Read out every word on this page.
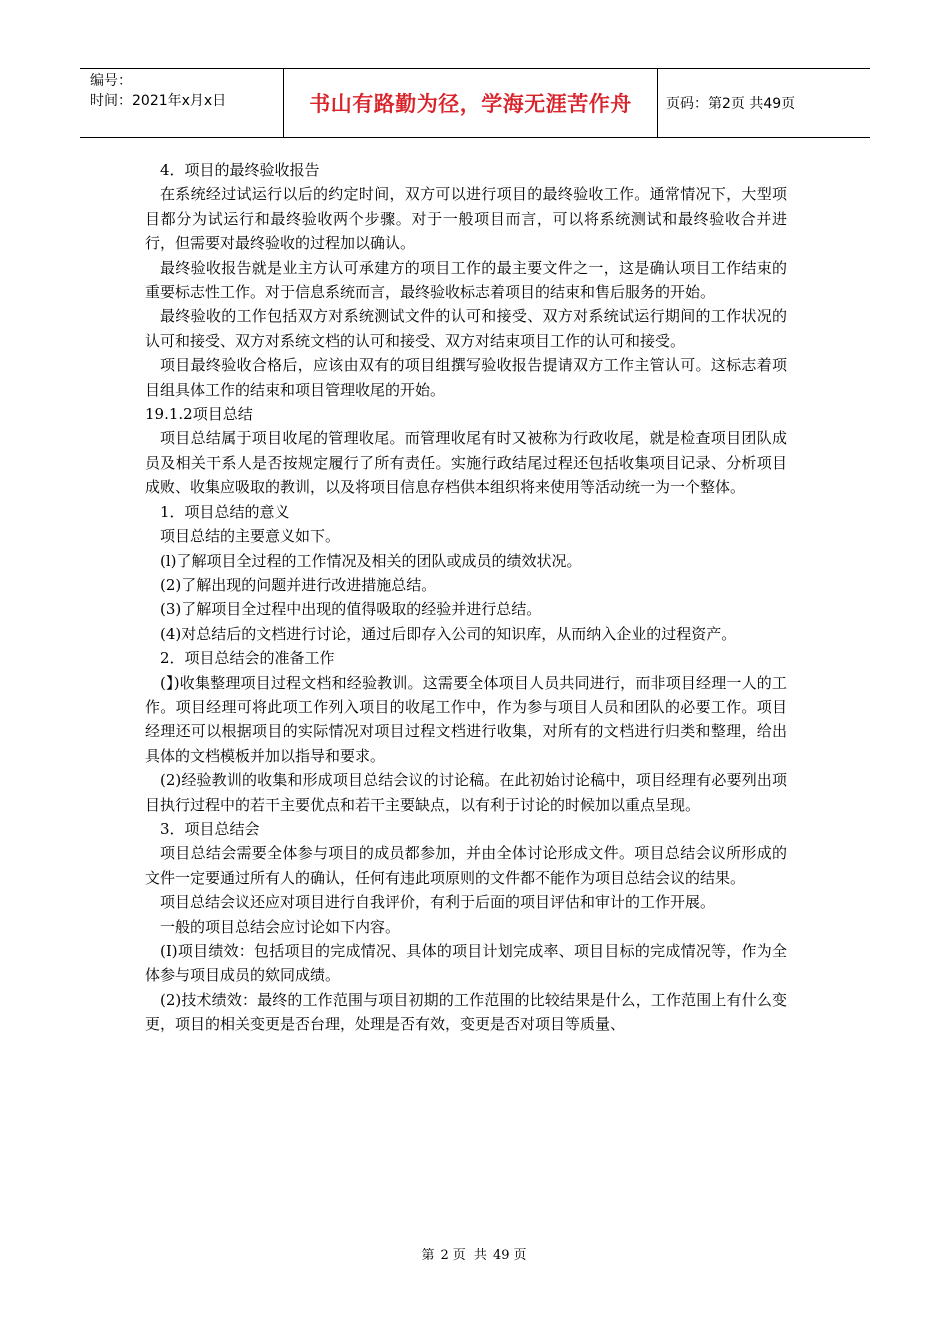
编号：
时间：2021年x月x日	书山有路勤为径，学海无涯苦作舟	页码：第2页 共49页

4．项目的最终验收报告

在系统经过试运行以后的约定时间，双方可以进行项目的最终验收工作。通常情况下，大型项目都分为试运行和最终验收两个步骤。对于一般项目而言，可以将系统测试和最终验收合并进行，但需要对最终验收的过程加以确认。

最终验收报告就是业主方认可承建方的项目工作的最主要文件之一，这是确认项目工作结束的重要标志性工作。对于信息系统而言，最终验收标志着项目的结束和售后服务的开始。

最终验收的工作包括双方对系统测试文件的认可和接受、双方对系统试运行期间的工作状况的认可和接受、双方对系统文档的认可和接受、双方对结束项目工作的认可和接受。

项目最终验收合格后，应该由双有的项目组撰写验收报告提请双方工作主管认可。这标志着项目组具体工作的结束和项目管理收尾的开始。

19.1.2项目总结

项目总结属于项目收尾的管理收尾。而管理收尾有时又被称为行政收尾，就是检查项目团队成员及相关干系人是否按规定履行了所有责任。实施行政结尾过程还包括收集项目记录、分析项目成败、收集应吸取的教训，以及将项目信息存档供本组织将来使用等活动统一为一个整体。

1．项目总结的意义

项目总结的主要意义如下。

(l)了解项目全过程的工作情况及相关的团队或成员的绩效状况。

(2)了解出现的问题并进行改进措施总结。

(3)了解项目全过程中出现的值得吸取的经验并进行总结。

(4)对总结后的文档进行讨论，通过后即存入公司的知识库，从而纳入企业的过程资产。

2．项目总结会的准备工作

(】)收集整理项目过程文档和经验教训。这需要全体项目人员共同进行，而非项目经理一人的工作。项目经理可将此项工作列入项目的收尾工作中，作为参与项目人员和团队的必要工作。项目经理还可以根据项目的实际情况对项目过程文档进行收集，对所有的文档进行归类和整理，给出具体的文档模板并加以指导和要求。

(2)经验教训的收集和形成项目总结会议的讨论稿。在此初始讨论稿中，项目经理有必要列出项目执行过程中的若干主要优点和若干主要缺点，以有利于讨论的时候加以重点呈现。

3．项目总结会

项目总结会需要全体参与项目的成员都参加，并由全体讨论形成文件。项目总结会议所形成的文件一定要通过所有人的确认，任何有违此项原则的文件都不能作为项目总结会议的结果。

项目总结会议还应对项目进行自我评价，有利于后面的项目评估和审计的工作开展。

一般的项目总结会应讨论如下内容。

(I)项目绩效：包括项目的完成情况、具体的项目计划完成率、项目目标的完成情况等，作为全体参与项目成员的欸同成绩。

(2)技术绩效：最终的工作范围与项目初期的工作范围的比较结果是什么，工作范围上有什么变更，项目的相关变更是否台理，处理是否有效，变更是否对项目等质量、

第 2 页 共 49 页
